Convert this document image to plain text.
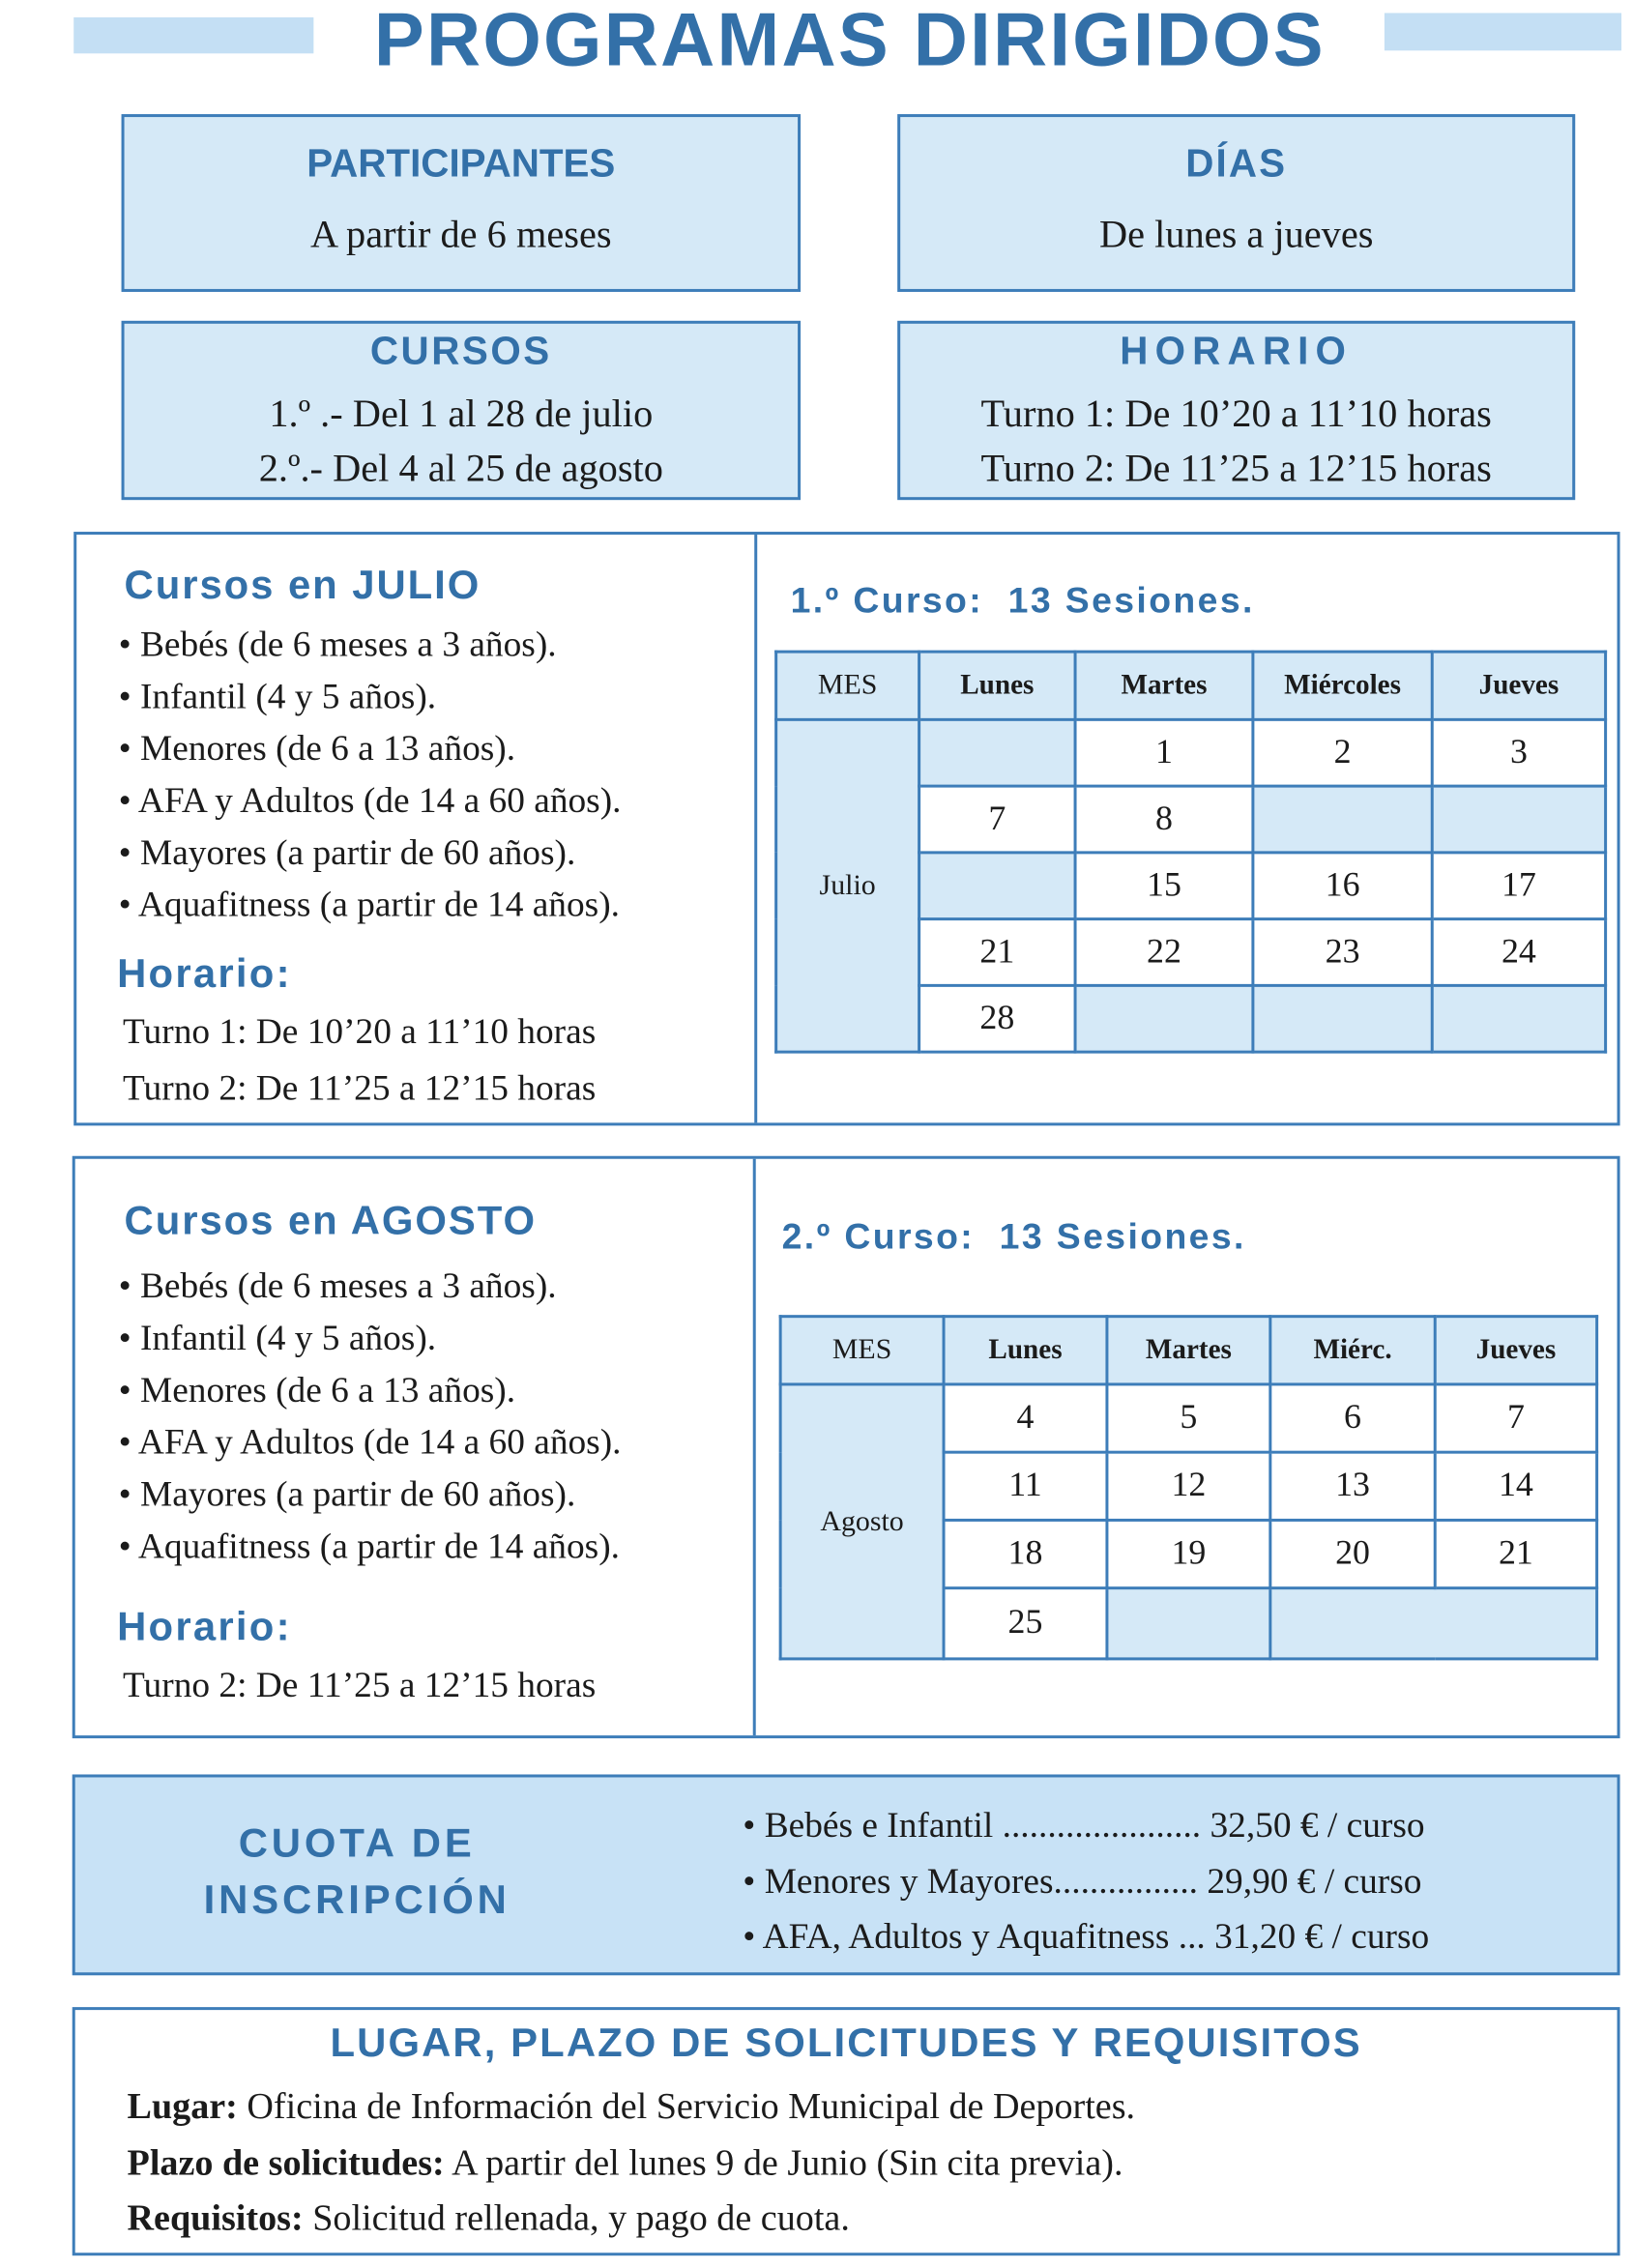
PROGRAMAS DIRIGIDOS
PARTICIPANTES
A partir de 6 meses
DÍAS
De lunes a jueves
CURSOS
1.º .- Del 1 al 28 de julio
2.º.- Del 4 al 25 de agosto
HORARIO
Turno 1: De 10’20 a 11’10 horas
Turno 2: De 11’25 a 12’15 horas
Cursos en JULIO
• Bebés (de 6 meses a 3 años).
• Infantil (4 y 5 años).
• Menores (de 6 a 13 años).
• AFA y Adultos (de 14 a 60 años).
• Mayores (a partir de 60 años).
• Aquafitness (a partir de 14 años).
Horario:
Turno 1: De 10’20 a 11’10 horas
Turno 2: De 11’25 a 12’15 horas
1.º Curso:  13 Sesiones.
MES	Lunes	Martes	Miércoles	Jueves
Julio		1	2	3
	7	8		
		15	16	17
	21	22	23	24
	28			
Cursos en AGOSTO
• Bebés (de 6 meses a 3 años).
• Infantil (4 y 5 años).
• Menores (de 6 a 13 años).
• AFA y Adultos (de 14 a 60 años).
• Mayores (a partir de 60 años).
• Aquafitness (a partir de 14 años).
Horario:
Turno 2: De 11’25 a 12’15 horas
2.º Curso:  13 Sesiones.
MES	Lunes	Martes	Miérc.	Jueves
Agosto	4	5	6	7
	11	12	13	14
	18	19	20	21
	25			
CUOTA DE
INSCRIPCIÓN
• Bebés e Infantil ...................... 32,50 € / curso
• Menores y Mayores................ 29,90 € / curso
• AFA, Adultos y Aquafitness ... 31,20 € / curso
LUGAR, PLAZO DE SOLICITUDES Y REQUISITOS
Lugar: Oficina de Información del Servicio Municipal de Deportes.
Plazo de solicitudes: A partir del lunes 9 de Junio (Sin cita previa).
Requisitos: Solicitud rellenada, y pago de cuota.
